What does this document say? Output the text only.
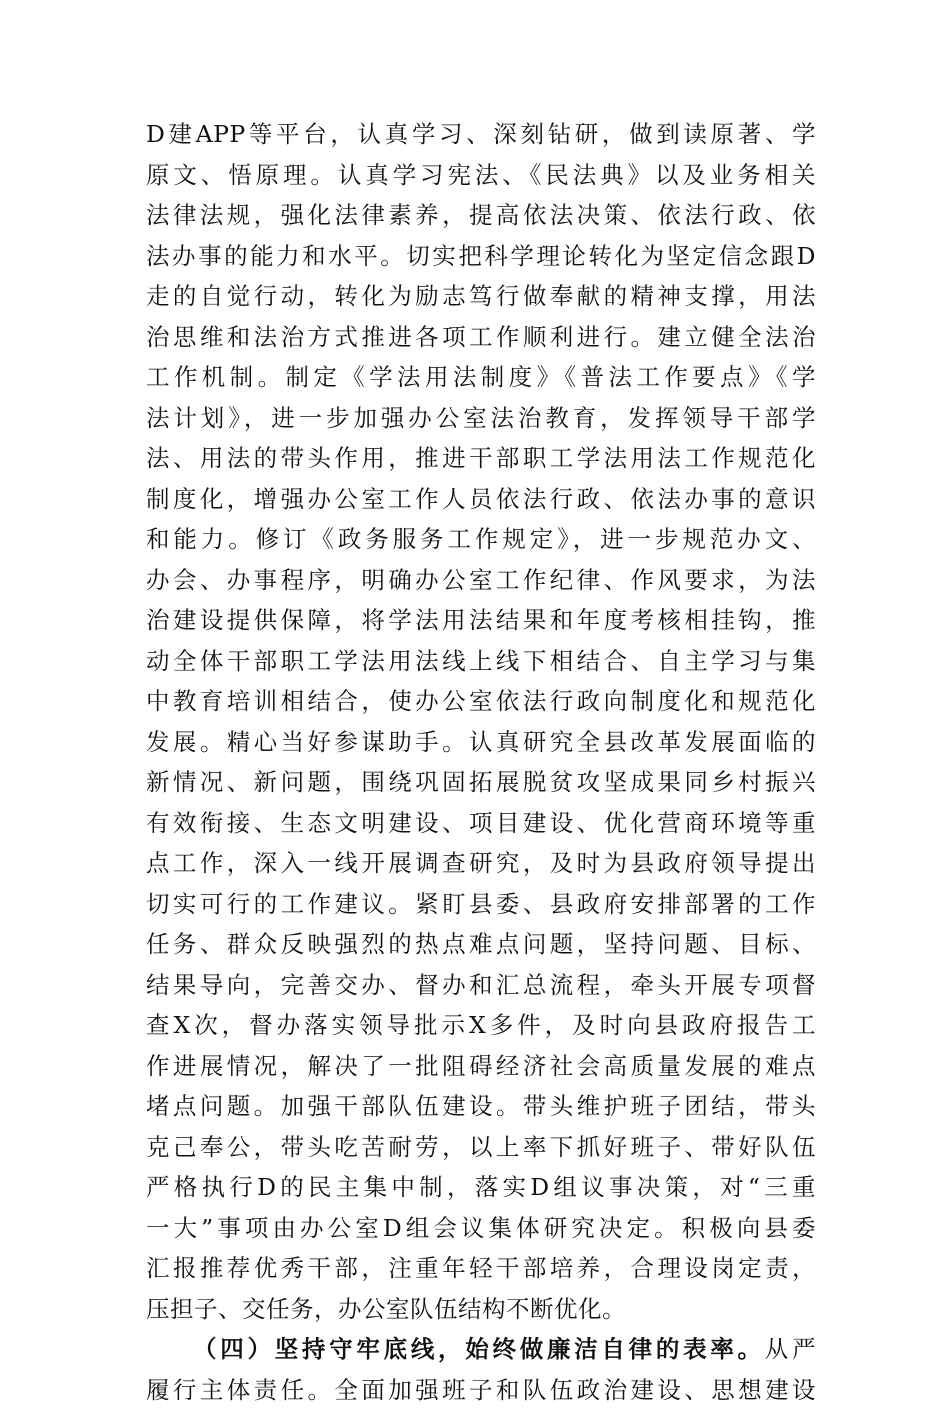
D建APP等平台，认真学习、深刻钻研，做到读原著、学
原文、悟原理。认真学习宪法、《民法典》以及业务相关
法律法规，强化法律素养，提高依法决策、依法行政、依
法办事的能力和水平。切实把科学理论转化为坚定信念跟D
走的自觉行动，转化为励志笃行做奉献的精神支撑，用法
治思维和法治方式推进各项工作顺利进行。建立健全法治
工作机制。制定《学法用法制度》《普法工作要点》《学
法计划》，进一步加强办公室法治教育，发挥领导干部学
法、用法的带头作用，推进干部职工学法用法工作规范化
制度化，增强办公室工作人员依法行政、依法办事的意识
和能力。修订《政务服务工作规定》，进一步规范办文、
办会、办事程序，明确办公室工作纪律、作风要求，为法
治建设提供保障，将学法用法结果和年度考核相挂钩，推
动全体干部职工学法用法线上线下相结合、自主学习与集
中教育培训相结合，使办公室依法行政向制度化和规范化
发展。精心当好参谋助手。认真研究全县改革发展面临的
新情况、新问题，围绕巩固拓展脱贫攻坚成果同乡村振兴
有效衔接、生态文明建设、项目建设、优化营商环境等重
点工作，深入一线开展调查研究，及时为县政府领导提出
切实可行的工作建议。紧盯县委、县政府安排部署的工作
任务、群众反映强烈的热点难点问题，坚持问题、目标、
结果导向，完善交办、督办和汇总流程，牵头开展专项督
查X次，督办落实领导批示X多件，及时向县政府报告工
作进展情况，解决了一批阻碍经济社会高质量发展的难点
堵点问题。加强干部队伍建设。带头维护班子团结，带头
克己奉公，带头吃苦耐劳，以上率下抓好班子、带好队伍
严格执行D的民主集中制，落实D组议事决策，对“三重
一大”事项由办公室D组会议集体研究决定。积极向县委
汇报推荐优秀干部，注重年轻干部培养，合理设岗定责，
压担子、交任务，办公室队伍结构不断优化。
（四）坚持守牢底线，始终做廉洁自律的表率。从严
履行主体责任。全面加强班子和队伍政治建设、思想建设
